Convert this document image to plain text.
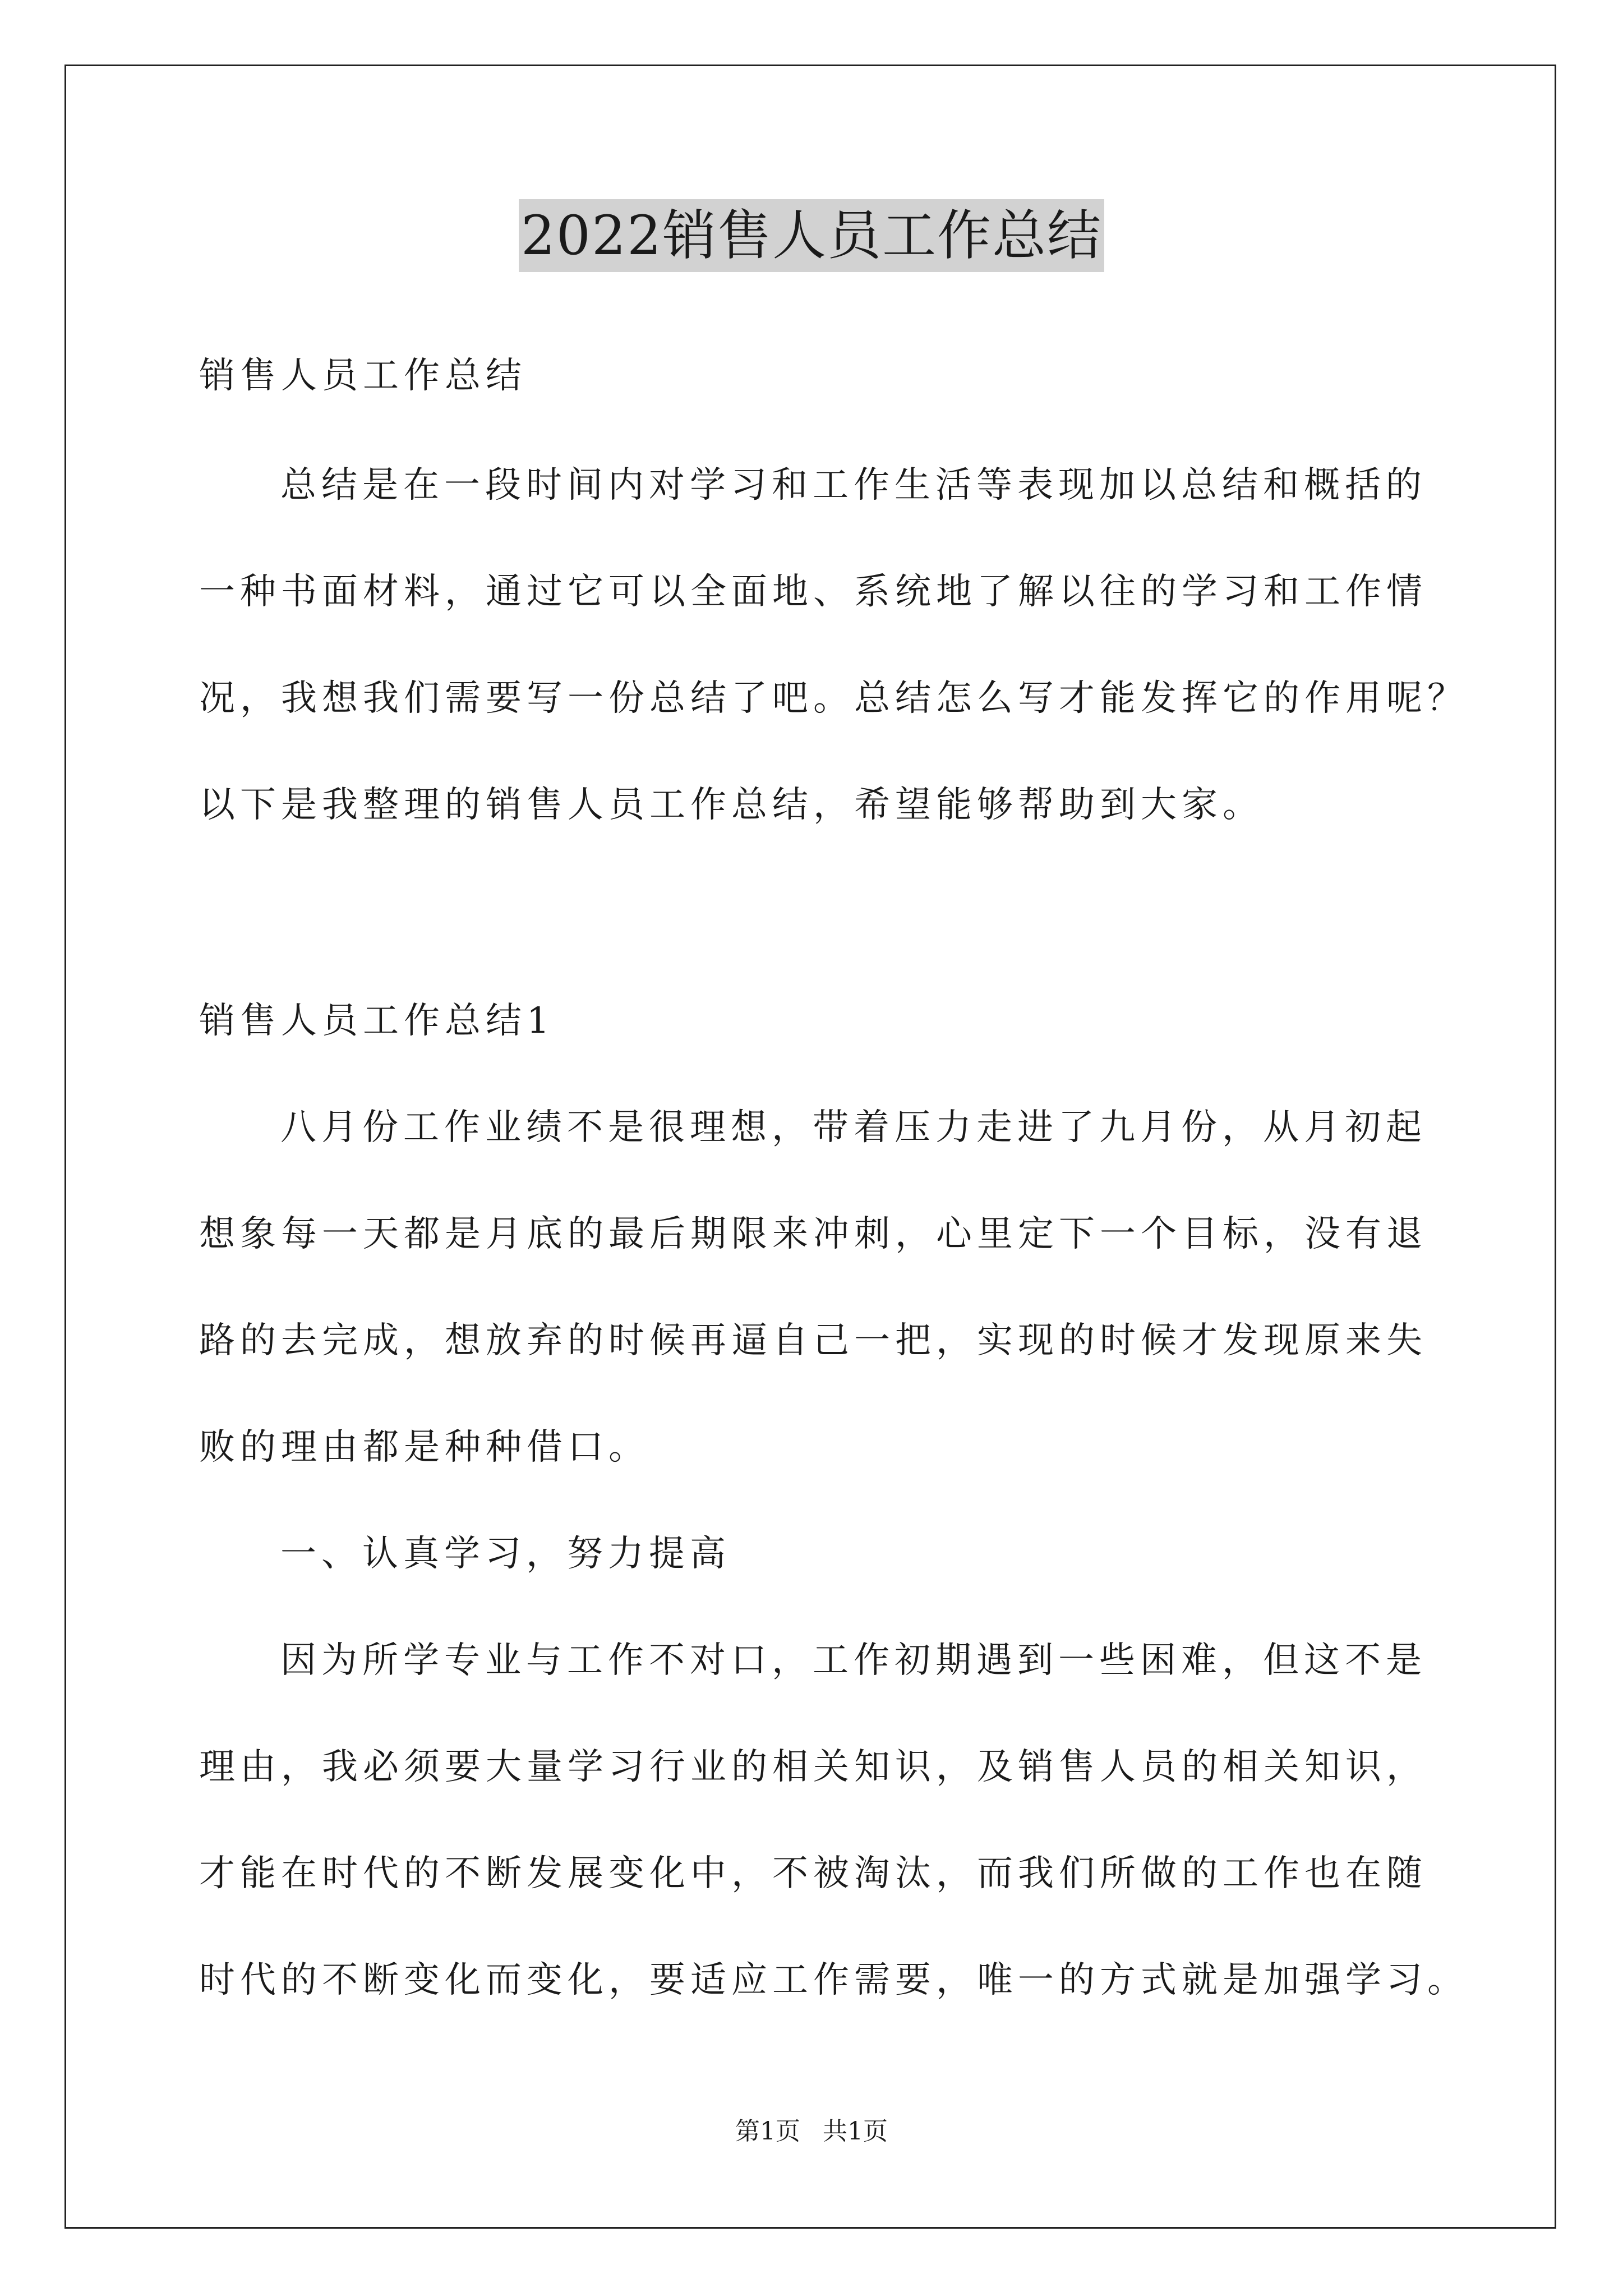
2022销售人员工作总结

销售人员工作总结

总结是在一段时间内对学习和工作生活等表现加以总结和概括的

一种书面材料，通过它可以全面地、系统地了解以往的学习和工作情

况，我想我们需要写一份总结了吧。总结怎么写才能发挥它的作用呢？

以下是我整理的销售人员工作总结，希望能够帮助到大家。

销售人员工作总结1

八月份工作业绩不是很理想，带着压力走进了九月份，从月初起

想象每一天都是月底的最后期限来冲刺，心里定下一个目标，没有退

路的去完成，想放弃的时候再逼自己一把，实现的时候才发现原来失

败的理由都是种种借口。

一、认真学习，努力提高

因为所学专业与工作不对口，工作初期遇到一些困难，但这不是

理由，我必须要大量学习行业的相关知识，及销售人员的相关知识，

才能在时代的不断发展变化中，不被淘汰，而我们所做的工作也在随

时代的不断变化而变化，要适应工作需要，唯一的方式就是加强学习。

第1页 共1页
